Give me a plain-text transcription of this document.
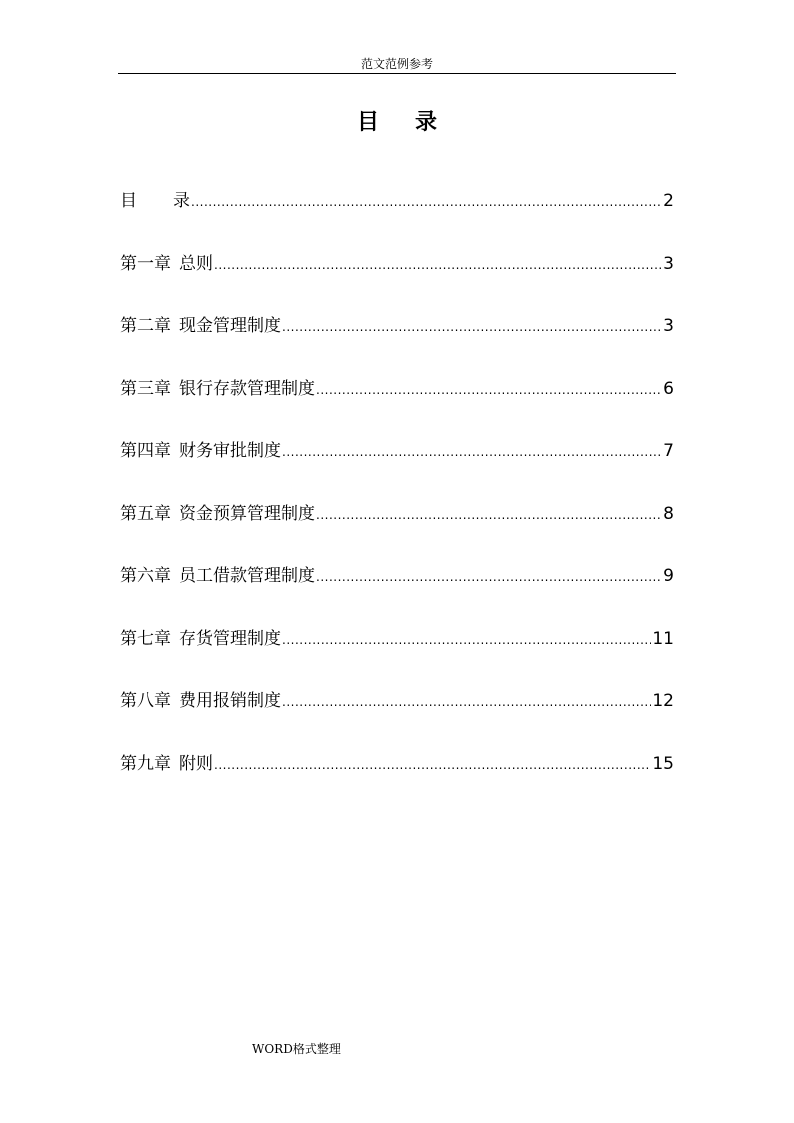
范文范例参考
目 录
目 录 .....	2
第一章 总则 .....	3
第二章 现金管理制度 .....	3
第三章 银行存款管理制度 .....	6
第四章 财务审批制度 .....	7
第五章 资金预算管理制度 .....	8
第六章 员工借款管理制度 .....	9
第七章 存货管理制度 .....	11
第八章 费用报销制度 .....	12
第九章 附则 .....	15
WORD格式整理
